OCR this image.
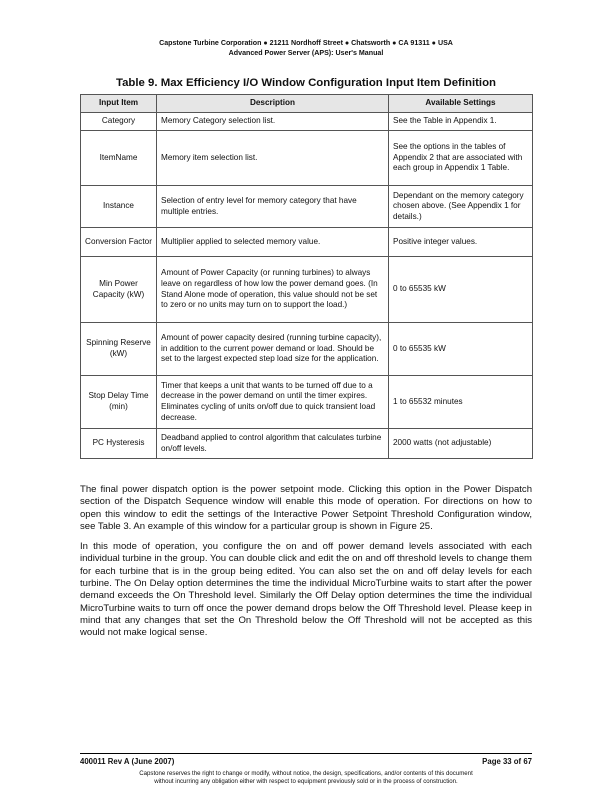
Capstone Turbine Corporation ● 21211 Nordhoff Street ● Chatsworth ● CA 91311 ● USA
Advanced Power Server (APS): User's Manual
Table 9. Max Efficiency I/O Window Configuration Input Item Definition
Input Item	Description	Available Settings
Category	Memory Category selection list.	See the Table in Appendix 1.
ItemName	Memory item selection list.	See the options in the tables of Appendix 2 that are associated with each group in Appendix 1 Table.
Instance	Selection of entry level for memory category that have multiple entries.	Dependant on the memory category chosen above. (See Appendix 1 for details.)
Conversion Factor	Multiplier applied to selected memory value.	Positive integer values.
Min Power Capacity (kW)	Amount of Power Capacity (or running turbines) to always leave on regardless of how low the power demand goes. (In Stand Alone mode of operation, this value should not be set to zero or no units may turn on to support the load.)	0 to 65535 kW
Spinning Reserve (kW)	Amount of power capacity desired (running turbine capacity), in addition to the current power demand or load. Should be set to the largest expected step load size for the application.	0 to 65535 kW
Stop Delay Time (min)	Timer that keeps a unit that wants to be turned off due to a decrease in the power demand on until the timer expires. Eliminates cycling of units on/off due to quick transient load decrease.	1 to 65532 minutes
PC Hysteresis	Deadband applied to control algorithm that calculates turbine on/off levels.	2000 watts (not adjustable)

The final power dispatch option is the power setpoint mode. Clicking this option in the Power Dispatch section of the Dispatch Sequence window will enable this mode of operation. For directions on how to open this window to edit the settings of the Interactive Power Setpoint Threshold Configuration window, see Table 3. An example of this window for a particular group is shown in Figure 25.

In this mode of operation, you configure the on and off power demand levels associated with each individual turbine in the group. You can double click and edit the on and off threshold levels to change them for each turbine that is in the group being edited. You can also set the on and off delay levels for each turbine. The On Delay option determines the time the individual MicroTurbine waits to start after the power demand exceeds the On Threshold level. Similarly the Off Delay option determines the time the individual MicroTurbine waits to turn off once the power demand drops below the Off Threshold level. Please keep in mind that any changes that set the On Threshold below the Off Threshold will not be accepted as this would not make logical sense.

400011 Rev A (June 2007)	Page 33 of 67
Capstone reserves the right to change or modify, without notice, the design, specifications, and/or contents of this document
without incurring any obligation either with respect to equipment previously sold or in the process of construction.
